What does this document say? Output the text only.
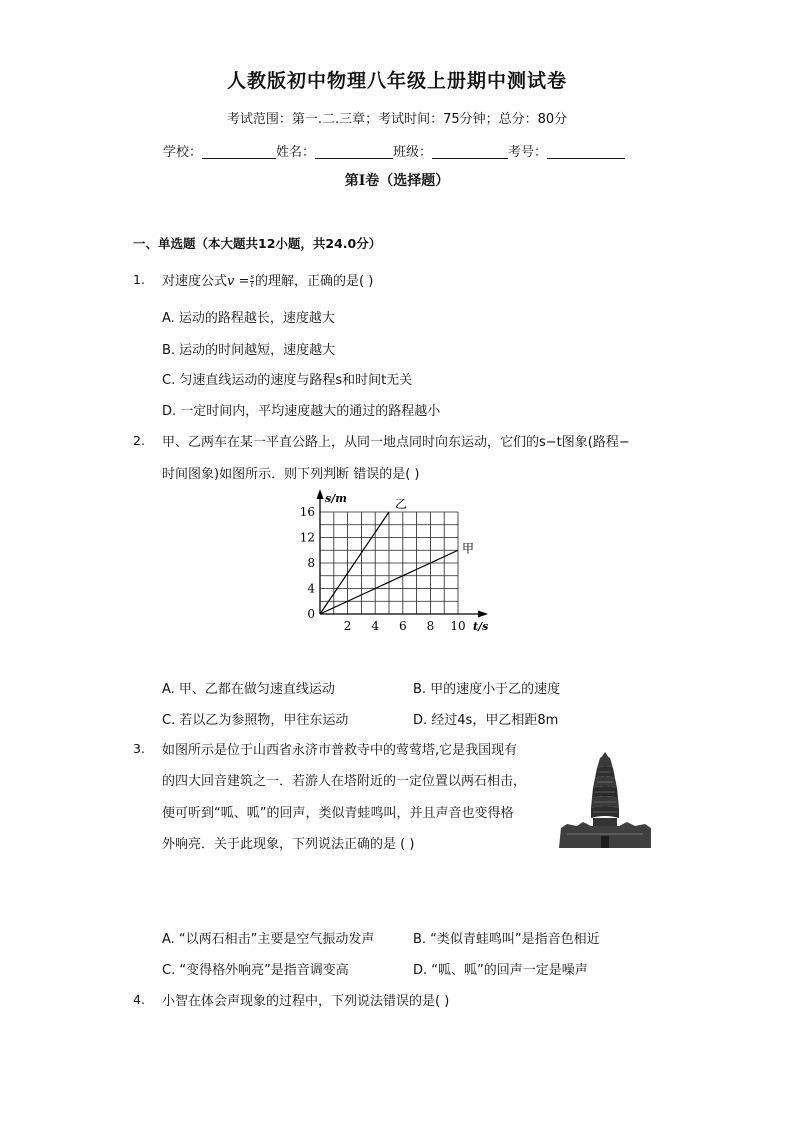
人教版初中物理八年级上册期中测试卷
考试范围：第一.二.三章；考试时间：75分钟；总分：80分
学校：	姓名：	班级：	考号：
第Ⅰ卷（选择题）
一、单选题（本大题共12小题，共24.0分）
1. 对速度公式$v = \frac{s}{t}$ 的理解，正确的是( )
A. 运动的路程越长，速度越大
B. 运动的时间越短，速度越大
C. 匀速直线运动的速度与路程s和时间t无关
D. 一定时间内，平均速度越大的通过的路程越小
2. 甲、乙两车在某一平直公路上，从同一地点同时向东运动，它们的s−t图象(路程−
时间图象)如图所示．则下列判断 错误的是( )
s/m
t/s
2 4 6 8 10
0
4
8
12
16
乙
甲
A. 甲、乙都在做匀速直线运动	B. 甲的速度小于乙的速度
C. 若以乙为参照物，甲往东运动	D. 经过4s，甲乙相距8m
3. 如图所示是位于山西省永济市普救寺中的莺莺塔,它是我国现有
的四大回音建筑之一．若游人在塔附近的一定位置以两石相击，
便可听到“呱、呱”的回声，类似青蛙鸣叫，并且声音也变得格
外响亮．关于此现象，下列说法正确的是 ( )
A. “以两石相击”主要是空气振动发声	B. “类似青蛙鸣叫”是指音色相近
C. “变得格外响亮”是指音调变高	D. “呱、呱”的回声一定是噪声
4. 小智在体会声现象的过程中，下列说法错误的是( )
